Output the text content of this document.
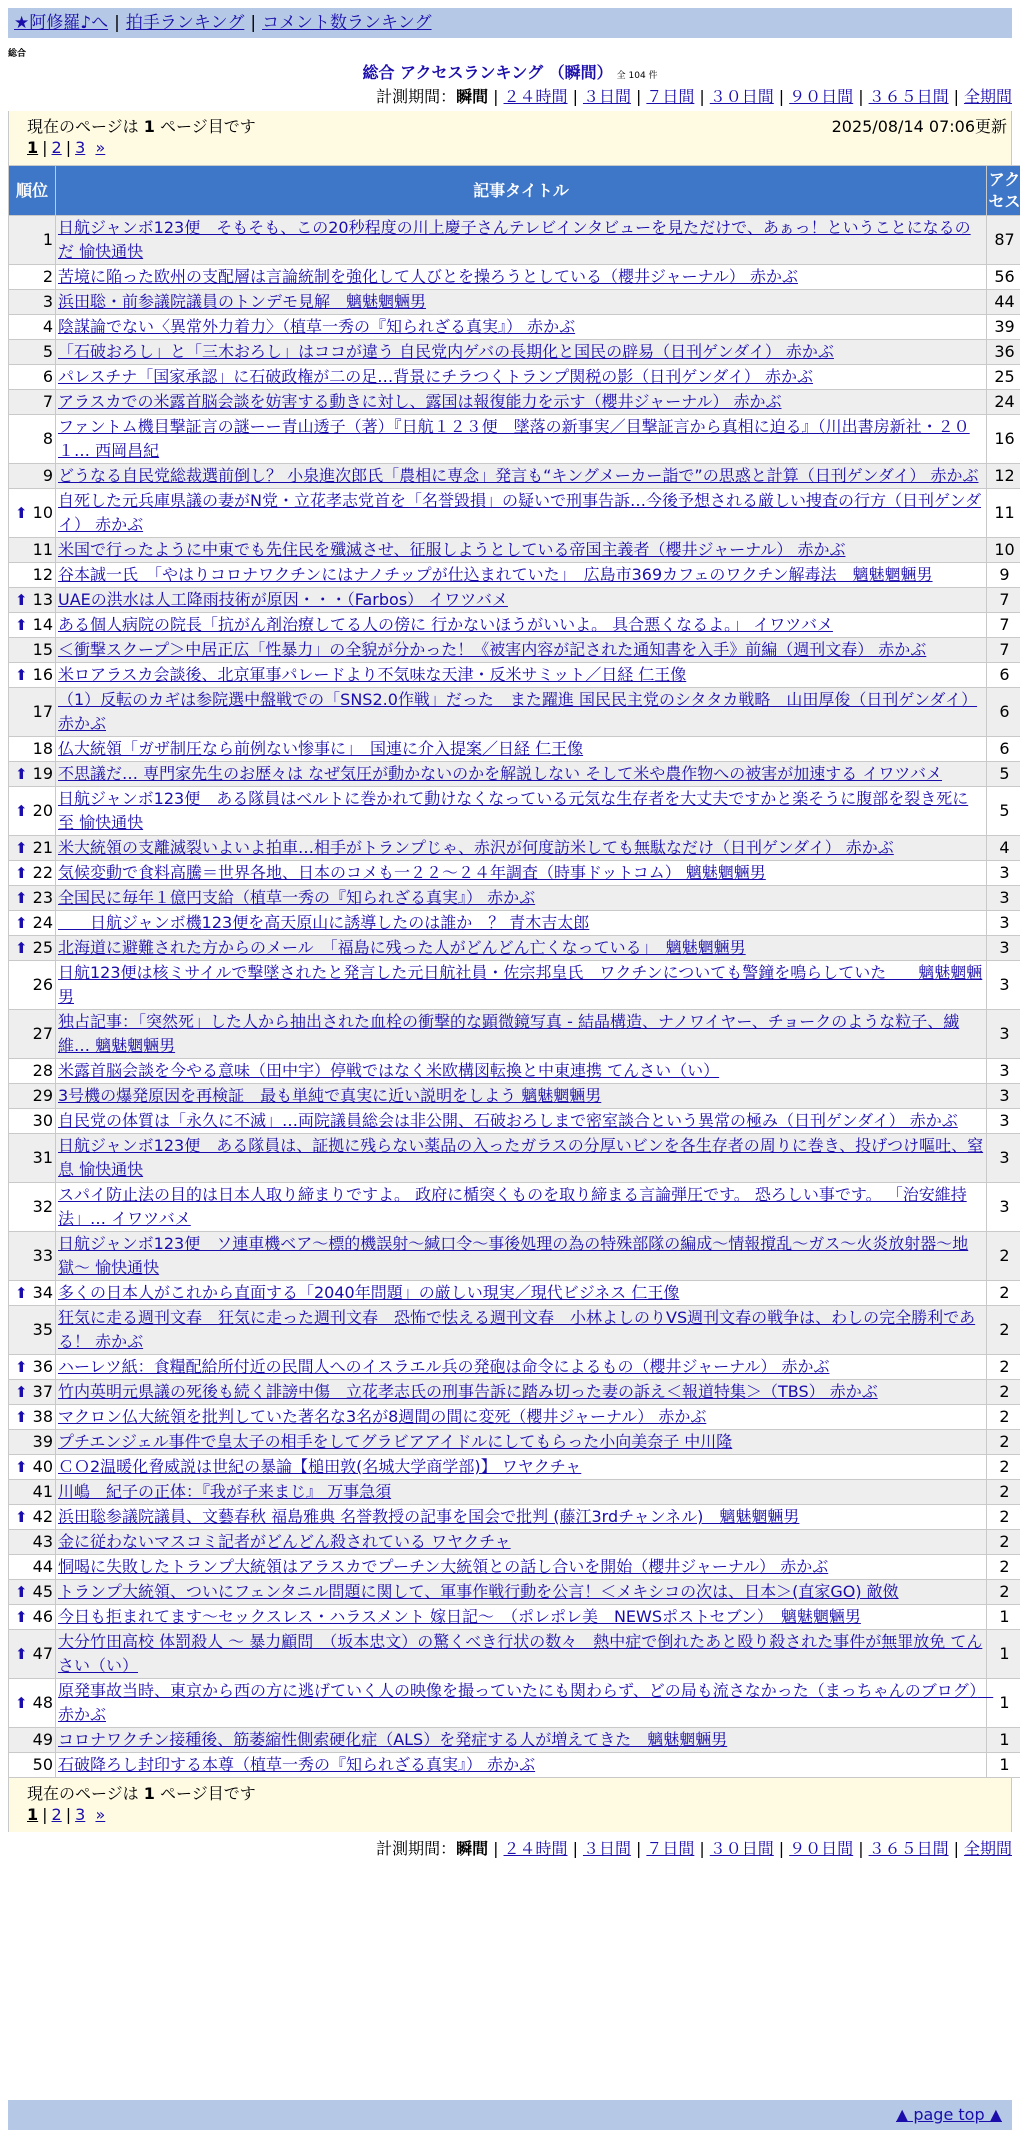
★阿修羅♪へ | 拍手ランキング | コメント数ランキング
総合
総合 アクセスランキング （瞬間） 全 104 件
計測期間：瞬間 | ２４時間 | ３日間 | ７日間 | ３０日間 | ９０日間 | ３６５日間 | 全期間
現在のページは 1 ページ目です	2025/08/14 07:06更新
1 | 2 | 3 »
順位	記事タイトル	アクセス
1	日航ジャンボ123便　そもそも、この20秒程度の川上慶子さんテレビインタビューを見ただけで、あぁっ！ということになるのだ 愉快通快	87
2	苦境に陥った欧州の支配層は言論統制を強化して人びとを操ろうとしている（櫻井ジャーナル） 赤かぶ	56
3	浜田聡・前参議院議員のトンデモ見解　魑魅魍魎男	44
4	陰謀論でない〈異常外力着力〉（植草一秀の『知られざる真実』） 赤かぶ	39
5	「石破おろし」と「三木おろし」はココが違う 自民党内ゲバの長期化と国民の辟易（日刊ゲンダイ） 赤かぶ	36
6	パレスチナ「国家承認」に石破政権が二の足…背景にチラつくトランプ関税の影（日刊ゲンダイ） 赤かぶ	25
7	アラスカでの米露首脳会談を妨害する動きに対し、露国は報復能力を示す（櫻井ジャーナル） 赤かぶ	24
8	ファントム機目撃証言の謎ーー青山透子（著）『日航１２３便　墜落の新事実／目撃証言から真相に迫る』（川出書房新社・２０１… 西岡昌紀	16
9	どうなる自民党総裁選前倒し？ 小泉進次郎氏「農相に専念」発言も“キングメーカー詣で”の思惑と計算（日刊ゲンダイ） 赤かぶ	12

⬆ 10	自死した元兵庫県議の妻がN党・立花孝志党首を「名誉毀損」の疑いで刑事告訴…今後予想される厳しい捜査の行方（日刊ゲンダイ） 赤かぶ	11
11	米国で行ったように中東でも先住民を殲滅させ、征服しようとしている帝国主義者（櫻井ジャーナル） 赤かぶ	10
12	谷本誠一氏　「やはりコロナワクチンにはナノチップが仕込まれていた」　広島市369カフェのワクチン解毒法　魑魅魍魎男	9

⬆ 13	UAEの洪水は人工降雨技術が原因・・・（Farbos） イワツバメ	7

⬆ 14	ある個人病院の院長「抗がん剤治療してる人の傍に 行かないほうがいいよ。 具合悪くなるよ。」 イワツバメ	7
15	＜衝撃スクープ＞中居正広「性暴力」の全貌が分かった！《被害内容が記された通知書を入手》前編（週刊文春） 赤かぶ	7

⬆ 16	米ロアラスカ会談後、北京軍事パレードより不気味な天津・反米サミット／日経 仁王像	6
17	（1）反転のカギは参院選中盤戦での「SNS2.0作戦」だった　また躍進 国民民主党のシタタカ戦略　山田厚俊（日刊ゲンダイ） 赤かぶ	6
18	仏大統領「ガザ制圧なら前例ない惨事に」　国連に介入提案／日経 仁王像	6

⬆ 19	不思議だ… 専門家先生のお歴々は なぜ気圧が動かないのかを解説しない そして米や農作物への被害が加速する イワツバメ	5

⬆ 20	日航ジャンボ123便　ある隊員はベルトに巻かれて動けなくなっている元気な生存者を大丈夫ですかと楽そうに腹部を裂き死に至 愉快通快	5

⬆ 21	米大統領の支離滅裂いよいよ拍車…相手がトランプじゃ、赤沢が何度訪米しても無駄なだけ（日刊ゲンダイ） 赤かぶ	4

⬆ 22	気候変動で食料高騰＝世界各地、日本のコメも一２２～２４年調査（時事ドットコム） 魑魅魍魎男	3

⬆ 23	全国民に毎年１億円支給（植草一秀の『知られざる真実』） 赤かぶ	3

⬆ 24	　　日航ジャンボ機123便を高天原山に誘導したのは誰か　？ 青木吉太郎	3

⬆ 25	北海道に避難された方からのメール　「福島に残った人がどんどん亡くなっている」　魑魅魍魎男	3
26	日航123便は核ミサイルで撃墜されたと発言した元日航社員・佐宗邦皇氏　ワクチンについても警鐘を鳴らしていた　　魑魅魍魎男	3
27	独占記事：「突然死」した人から抽出された血栓の衝撃的な顕微鏡写真 - 結晶構造、ナノワイヤー、チョークのような粒子、繊維… 魑魅魍魎男	3
28	米露首脳会談を今やる意味（田中宇）停戦ではなく米欧構図転換と中東連携 てんさい（い）	3
29	3号機の爆発原因を再検証　最も単純で真実に近い説明をしよう 魑魅魍魎男	3
30	自民党の体質は「永久に不滅」…両院議員総会は非公開、石破おろしまで密室談合という異常の極み（日刊ゲンダイ） 赤かぶ	3
31	日航ジャンボ123便　ある隊員は、証拠に残らない薬品の入ったガラスの分厚いビンを各生存者の周りに巻き、投げつけ嘔吐、窒息 愉快通快	3
32	スパイ防止法の目的は日本人取り締まりですよ。 政府に楯突くものを取り締まる言論弾圧です。 恐ろしい事です。 「治安維持法」… イワツバメ	3
33	日航ジャンボ123便　ソ連車機ベア～標的機誤射～緘口令～事後処理の為の特殊部隊の編成～情報撹乱～ガス～火炎放射器～地獄～ 愉快通快	2

⬆ 34	多くの日本人がこれから直面する「2040年問題」の厳しい現実／現代ビジネス 仁王像	2
35	狂気に走る週刊文春　狂気に走った週刊文春　恐怖で怯える週刊文春　小林よしのりVS週刊文春の戦争は、わしの完全勝利である！ 赤かぶ	2

⬆ 36	ハーレツ紙：食糧配給所付近の民間人へのイスラエル兵の発砲は命令によるもの（櫻井ジャーナル） 赤かぶ	2

⬆ 37	竹内英明元県議の死後も続く誹謗中傷　立花孝志氏の刑事告訴に踏み切った妻の訴え＜報道特集＞（TBS） 赤かぶ	2

⬆ 38	マクロン仏大統領を批判していた著名な3名が8週間の間に変死（櫻井ジャーナル） 赤かぶ	2
39	プチエンジェル事件で皇太子の相手をしてグラビアアイドルにしてもらった小向美奈子 中川隆	2

⬆ 40	ＣＯ2温暖化脅威説は世紀の暴論【槌田敦(名城大学商学部)】 ワヤクチャ	2
41	川嶋　紀子の正体：『我が子来まじ』 万事急須	2

⬆ 42	浜田聡参議院議員、文藝春秋 福島雅典 名誉教授の記事を国会で批判 (藤江3rdチャンネル)　魑魅魍魎男	2
43	金に従わないマスコミ記者がどんどん殺されている ワヤクチャ	2
44	恫喝に失敗したトランプ大統領はアラスカでプーチン大統領との話し合いを開始（櫻井ジャーナル） 赤かぶ	2

⬆ 45	トランプ大統領、ついにフェンタニル問題に関して、軍事作戦行動を公言！＜メキシコの次は、日本＞(直家GO) 敵傚	2

⬆ 46	今日も拒まれてます～セックスレス・ハラスメント 嫁日記～　（ポレポレ美　NEWSポストセブン）　魑魅魍魎男	1

⬆ 47	大分竹田高校 体罰殺人 〜 暴力顧問　（坂本忠文）の驚くべき行状の数々　熱中症で倒れたあと殴り殺された事件が無罪放免 てんさい（い）	1

⬆ 48	原発事故当時、東京から西の方に逃げていく人の映像を撮っていたにも関わらず、どの局も流さなかった（まっちゃんのブログ）　赤かぶ	1
49	コロナワクチン接種後、筋萎縮性側索硬化症（ALS）を発症する人が増えてきた　魑魅魍魎男	1
50	石破降ろし封印する本尊（植草一秀の『知られざる真実』） 赤かぶ	1
現在のページは 1 ページ目です
1 | 2 | 3 »
計測期間：瞬間 | ２４時間 | ３日間 | ７日間 | ３０日間 | ９０日間 | ３６５日間 | 全期間
▲ page top ▲
